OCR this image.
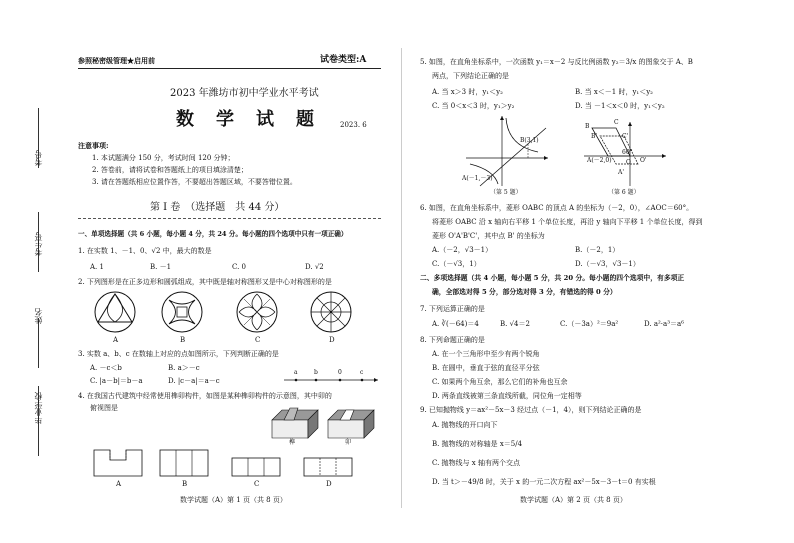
考号
考生号
姓名
毕业学校
参照秘密级管理★启用前	试卷类型:A
2023 年潍坊市初中学业水平考试
数　学　试　题	2023. 6
注意事项:
1. 本试题满分 150 分，考试时间 120 分钟；
2. 答卷前，请将试卷和答题纸上的项目填涂清楚；
3. 请在答题纸相应位置作答，不要超出答题区域，不要答错位置。
第 Ⅰ 卷　（选择题　共 44 分）
一、单项选择题（共 6 小题，每小题 4 分，共 24 分。每小题的四个选项中只有一项正确）
1. 在实数 1、－1、0、√2 中，最大的数是
A. 1	B. －1	C. 0	D. √2
2. 下列图形是在正多边形和圆弧组成，其中既是轴对称图形又是中心对称图形的是
A	B	C	D
3. 实数 a、b、c 在数轴上对应的点如图所示，下列判断正确的是
A. －c＜b	B. a＞－c
C. |a－b|＝b－a	D. |c－a|＝a－c
a	b	0	c
4. 在我国古代建筑中经常使用榫卯构件，如图是某种榫卯构件的示意图，其中卯的
俯视图是
榫	卯
A	B	C	D
数学试题（A）第 1 页（共 8 页）
5. 如图，在直角坐标系中，一次函数 y₁＝x－2 与反比例函数 y₂＝3/x 的图象交于 A、B
两点，下列结论正确的是
A. 当 x＞3 时，y₁＜y₂	B. 当 x＜－1 时，y₁＜y₂
C. 当 0＜x＜3 时，y₁＞y₂	D. 当 －1＜x＜0 时，y₁＜y₂
B(3,1)
A(－1,－3)
（第 5 题）
B'	C'
B
C
60°
O'
A(－2,0) O
A'
（第 6 题）
6. 如图，在直角坐标系中，菱形 OABC 的顶点 A 的坐标为（－2，0），∠AOC＝60°。
将菱形 OABC 沿 x 轴向右平移 1 个单位长度，再沿 y 轴向下平移 1 个单位长度，得到
菱形 O'A'B'C'，其中点 B' 的坐标为
A.（－2，√3－1）	B.（－2，1）
C.（－√3，1）	D.（－√3，√3－1）
二、多项选择题（共 4 小题，每小题 5 分，共 20 分。每小题的四个选项中，有多项正
确，全部选对得 5 分，部分选对得 3 分，有错选的得 0 分）
7. 下列运算正确的是
A. ∛(－64)＝4	B. √4＝2	C.（－3a）²＝9a²	D. a²·a³＝a⁶
8. 下列命题正确的是
A. 在一个三角形中至少有两个锐角
B. 在圆中，垂直于弦的直径平分弦
C. 如果两个角互余，那么它们的补角也互余
D. 两条直线被第三条直线所截，同位角一定相等
9. 已知抛物线 y＝ax²－5x－3 经过点（－1，4），则下列结论正确的是
A. 抛物线的开口向下
B. 抛物线的对称轴是 x＝5/4
C. 抛物线与 x 轴有两个交点
D. 当 t＞－49/8 时，关于 x 的一元二次方程 ax²－5x－3－t＝0 有实根
数学试题（A）第 2 页（共 8 页）
